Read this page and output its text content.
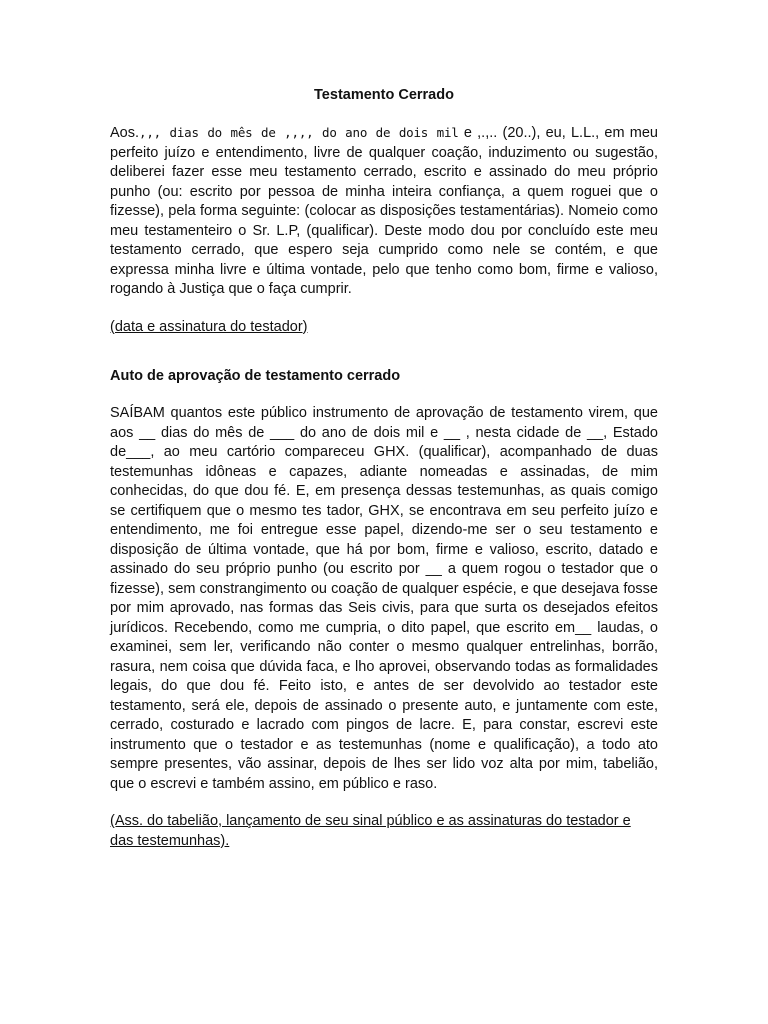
Testamento Cerrado

Aos.,,, dias do mês de ,,,, do ano de dois mil e ,.,.. (20..), eu, L.L., em meu perfeito juízo e entendimento, livre de qualquer coação, induzimento ou sugestão, deliberei fazer esse meu testamento cerrado, escrito e assinado do meu próprio punho (ou: escrito por pessoa de minha inteira confiança, a quem roguei que o fizesse), pela forma seguinte: (colocar as disposições testamentárias). Nomeio como meu testamenteiro o Sr. L.P, (qualificar). Deste modo dou por concluído este meu testamento cerrado, que espero seja cumprido como nele se contém, e que expressa minha livre e última vontade, pelo que tenho como bom, firme e valioso, rogando à Justiça que o faça cumprir.

(data e assinatura do testador)

Auto de aprovação de testamento cerrado

SAÍBAM quantos este público instrumento de aprovação de testamento virem, que aos __ dias do mês de ___ do ano de dois mil e __ , nesta cidade de __, Estado de___, ao meu cartório compareceu GHX. (qualificar), acompanhado de duas testemunhas idôneas e capazes, adiante nomeadas e assinadas, de mim conhecidas, do que dou fé. E, em presença dessas testemunhas, as quais comigo se certifiquem que o mesmo tes tador, GHX, se encontrava em seu perfeito juízo e entendimento, me foi entregue esse papel, dizendo-me ser o seu testamento e disposição de última vontade, que há por bom, firme e valioso, escrito, datado e assinado do seu próprio punho (ou escrito por __ a quem rogou o testador que o fizesse), sem constrangimento ou coação de qualquer espécie, e que desejava fosse por mim aprovado, nas formas das Seis civis, para que surta os desejados efeitos jurídicos. Recebendo, como me cumpria, o dito papel, que escrito em__ laudas, o examinei, sem ler, verificando não conter o mesmo qualquer entrelinhas, borrão, rasura, nem coisa que dúvida faca, e lho aprovei, observando todas as formalidades legais, do que dou fé. Feito isto, e antes de ser devolvido ao testador este testamento, será ele, depois de assinado o presente auto, e juntamente com este, cerrado, costurado e lacrado com pingos de lacre. E, para constar, escrevi este instrumento que o testador e as testemunhas (nome e qualificação), a todo ato sempre presentes, vão assinar, depois de lhes ser lido voz alta por mim, tabelião, que o escrevi e também assino, em público e raso.

(Ass. do tabelião, lançamento de seu sinal público e as assinaturas do testador e das testemunhas).
